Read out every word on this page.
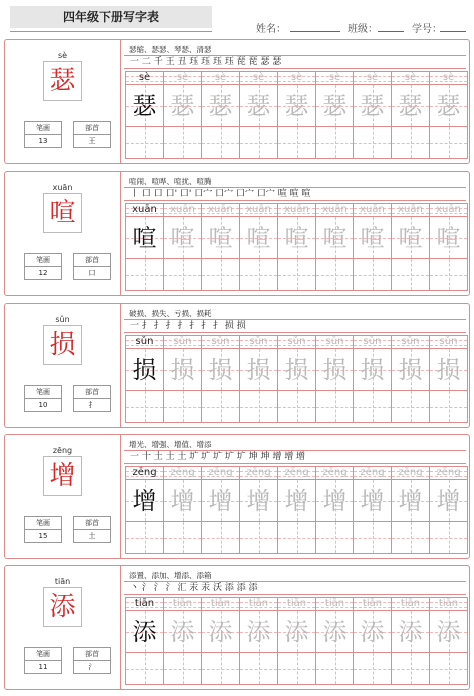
四年级下册写字表
姓名：	班级：	学号：
sè
瑟
笔画
13
部首
王
瑟缩、瑟瑟、琴瑟、清瑟
一 二 千 王 丑 珏 珏 珏 珏 琵 琵 瑟 瑟
sè
瑟
sè
瑟
sè
瑟
sè
瑟
sè
瑟
sè
瑟
sè
瑟
sè
瑟
sè
瑟
xuān
喧
笔画
12
部首
口
喧闹、喧哗、喧扰、喧腾
丨 口 口 口' 口' 口宀 口宀 口宀 口宀 喧 喧 喧
xuān
喧
xuān
喧
xuān
喧
xuān
喧
xuān
喧
xuān
喧
xuān
喧
xuān
喧
xuān
喧
sǔn
损
笔画
10
部首
扌
破损、损失、亏损、损耗
一 扌 扌 扌 扌 扌 扌 扌 损 损
sǔn
损
sǔn
损
sǔn
损
sǔn
损
sǔn
损
sǔn
损
sǔn
损
sǔn
损
sǔn
损
zēng
增
笔画
15
部首
土
增光、增强、增值、增添
一 十 土 土 土 圹 圹 圹 圹 圹 坤 坤 增 增 增
zēng
增
zēng
增
zēng
增
zēng
增
zēng
增
zēng
增
zēng
增
zēng
增
zēng
增
tiān
添
笔画
11
部首
氵
添置、添加、增添、添箱
丶 氵 氵 氵 汇 汞 汞 沃 添 添 添
tiān
添
tiān
添
tiān
添
tiān
添
tiān
添
tiān
添
tiān
添
tiān
添
tiān
添
